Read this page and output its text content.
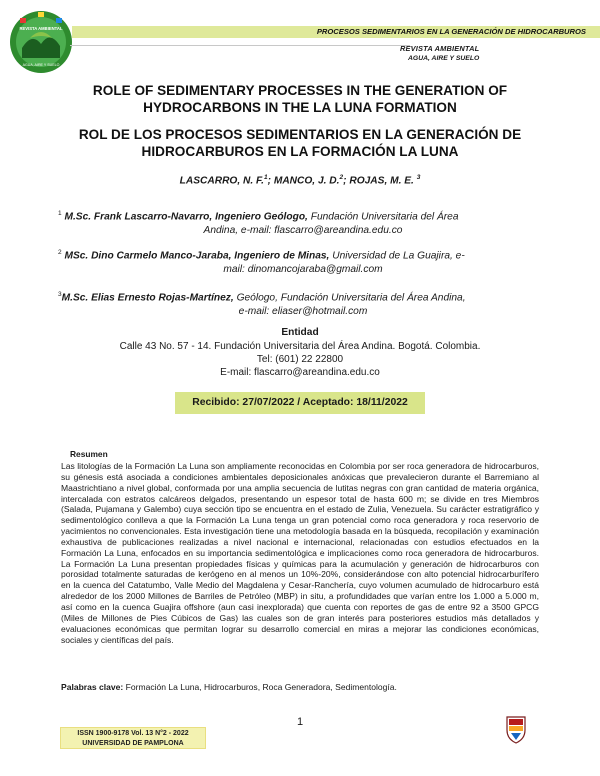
REVISTA AMBIENTAL
AGUA, AIRE Y SUELO
PROCESOS SEDIMENTARIOS EN LA GENERACIÓN DE HIDROCARBUROS
REVISTA AMBIENTAL
AGUA, AIRE Y SUELO
ROLE OF SEDIMENTARY PROCESSES IN THE GENERATION OF
HYDROCARBONS IN THE LA LUNA FORMATION
ROL DE LOS PROCESOS SEDIMENTARIOS EN LA GENERACIÓN DE
HIDROCARBUROS EN LA FORMACIÓN LA LUNA
LASCARRO, N. F.$^1$; MANCO, J. D.$^2$; ROJAS, M. E. $^3$
$^1$ M.Sc. Frank Lascarro-Navarro, Ingeniero Geólogo, Fundación Universitaria del Área
Andina, e-mail: flascarro@areandina.edu.co
$^2$ MSc. Dino Carmelo Manco-Jaraba, Ingeniero de Minas, Universidad de La Guajira, e-
mail: dinomancojaraba@gmail.com
$^3$M.Sc. Elias Ernesto Rojas-Martínez, Geólogo, Fundación Universitaria del Área Andina,
e-mail: eliaser@hotmail.com
Entidad
Calle 43 No. 57 - 14. Fundación Universitaria del Área Andina. Bogotá. Colombia.
Tel: (601) 22 22800
E-mail: flascarro@areandina.edu.co
Recibido: 27/07/2022 / Aceptado: 18/11/2022
Resumen
Las litologías de la Formación La Luna son ampliamente reconocidas en Colombia por ser roca generadora de hidrocarburos, su génesis está asociada a condiciones ambientales deposicionales anóxicas que prevalecieron durante el Barremiano al Maastrichtiano a nivel global, conformada por una amplia secuencia de lutitas negras con gran cantidad de materia orgánica, intercalada con estratos calcáreos delgados, presentando un espesor total de hasta 600 m; se divide en tres Miembros (Salada, Pujamana y Galembo) cuya sección tipo se encuentra en el estado de Zulia, Venezuela. Su carácter estratigráfico y sedimentológico conlleva a que la Formación La Luna tenga un gran potencial como roca generadora y roca reservorio de yacimientos no convencionales. Esta investigación tiene una metodología basada en la búsqueda, recopilación y examinación exhaustiva de publicaciones realizadas a nivel nacional e internacional, relacionadas con estudios efectuados en la Formación La Luna, enfocados en su importancia sedimentológica e implicaciones como roca generadora de hidrocarburos. La Formación La Luna presentan propiedades físicas y químicas para la acumulación y generación de hidrocarburos con porosidad totalmente saturadas de kerógeno en al menos un 10%-20%, considerándose con alto potencial hidrocarburífero en la cuenca del Catatumbo, Valle Medio del Magdalena y Cesar-Ranchería, cuyo volumen acumulado de hidrocarburo está alrededor de los 2000 Millones de Barriles de Petróleo (MBP) in situ, a profundidades que varían entre los 1.000 a 5.000 m, así como en la cuenca Guajira offshore (aun casi inexplorada) que cuenta con reportes de gas de entre 92 a 3500 GPCG (Miles de Millones de Pies Cúbicos de Gas) las cuales son de gran interés para posteriores estudios más detallados y evaluaciones económicas que permitan lograr su desarrollo comercial en miras a mejorar las condiciones económicas, sociales y científicas del país.
Palabras clave: Formación La Luna, Hidrocarburos, Roca Generadora, Sedimentología.
1
ISSN 1900-9178 Vol. 13 N°2 - 2022
UNIVERSIDAD DE PAMPLONA
